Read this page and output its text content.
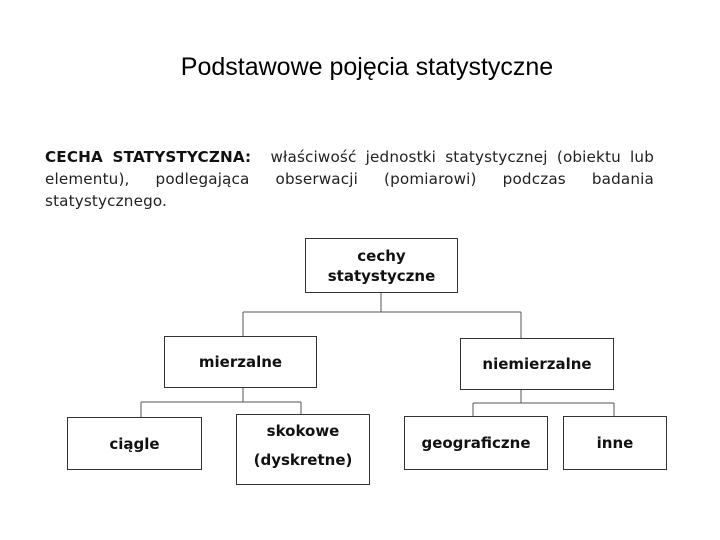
Podstawowe pojęcia statystyczne
CECHA STATYSTYCZNA: właściwość jednostki statystycznej (obiektu lub elementu), podlegająca obserwacji (pomiarowi) podczas badania statystycznego.
cechy
statystyczne
mierzalne	niemierzalne
ciągle
skokowe
(dyskretne)
geograficzne	inne
